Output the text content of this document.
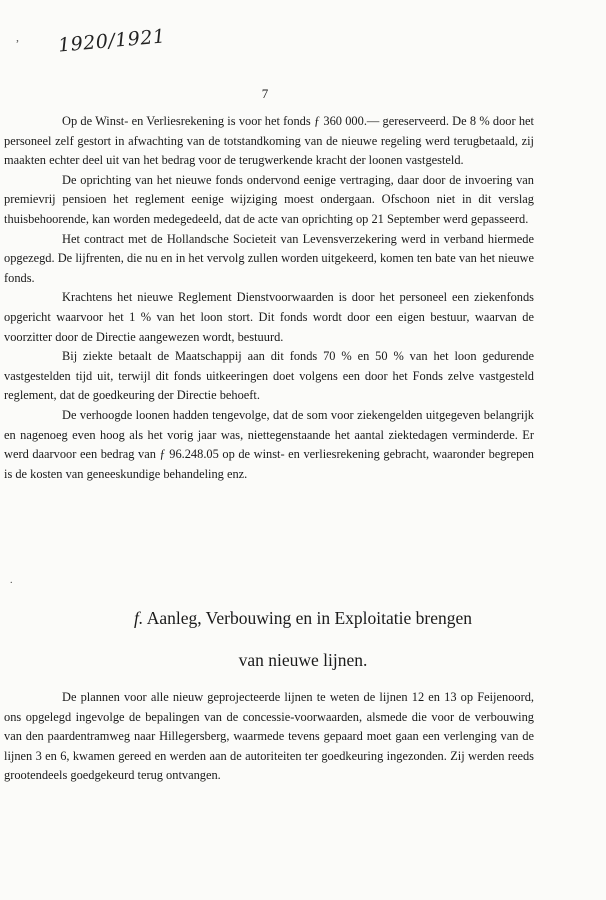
, 1920/1921
7

Op de Winst- en Verliesrekening is voor het fonds ƒ 360 000.— gereserveerd. De 8 % door het personeel zelf gestort in afwachting van de totstandkoming van de nieuwe regeling werd terugbetaald, zij maakten echter deel uit van het bedrag voor de terugwerkende kracht der loonen vastgesteld.

De oprichting van het nieuwe fonds ondervond eenige vertraging, daar door de invoering van premievrij pensioen het reglement eenige wijziging moest ondergaan. Ofschoon niet in dit verslag thuisbehoorende, kan worden medegedeeld, dat de acte van oprichting op 21 September werd gepasseerd.

Het contract met de Hollandsche Societeit van Levensverzekering werd in verband hiermede opgezegd. De lijfrenten, die nu en in het vervolg zullen worden uitgekeerd, komen ten bate van het nieuwe fonds.

Krachtens het nieuwe Reglement Dienstvoorwaarden is door het personeel een ziekenfonds opgericht waarvoor het 1 % van het loon stort. Dit fonds wordt door een eigen bestuur, waarvan de voorzitter door de Directie aangewezen wordt, bestuurd.

Bij ziekte betaalt de Maatschappij aan dit fonds 70 % en 50 % van het loon gedurende vastgestelden tijd uit, terwijl dit fonds uitkeeringen doet volgens een door het Fonds zelve vastgesteld reglement, dat de goedkeuring der Directie behoeft.

De verhoogde loonen hadden tengevolge, dat de som voor ziekengelden uitgegeven belangrijk en nagenoeg even hoog als het vorig jaar was, niettegenstaande het aantal ziektedagen verminderde. Er werd daarvoor een bedrag van ƒ 96.248.05 op de winst- en verliesrekening gebracht, waaronder begrepen is de kosten van geneeskundige behandeling enz.

.
f. Aanleg, Verbouwing en in Exploitatie brengen
van nieuwe lijnen.

De plannen voor alle nieuw geprojecteerde lijnen te weten de lijnen 12 en 13 op Feijenoord, ons opgelegd ingevolge de bepalingen van de concessie-voorwaarden, alsmede die voor de verbouwing van den paardentramweg naar Hillegersberg, waarmede tevens gepaard moet gaan een verlenging van de lijnen 3 en 6, kwamen gereed en werden aan de autoriteiten ter goedkeuring ingezonden. Zij werden reeds grootendeels goedgekeurd terug ontvangen.
